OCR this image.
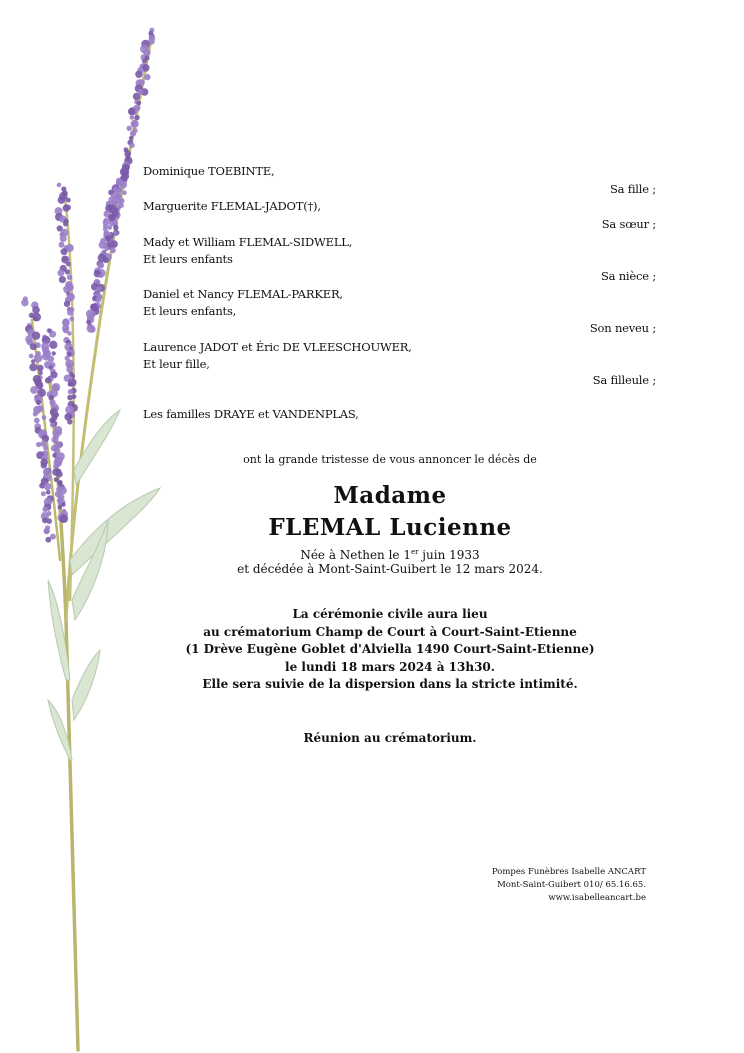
Dominique TOEBINTE,
Sa fille ;
Marguerite FLEMAL-JADOT(†),
Sa sœur ;
Mady et William FLEMAL-SIDWELL,
Et leurs enfants
Sa nièce ;
Daniel et Nancy FLEMAL-PARKER,
Et leurs enfants,
Son neveu ;
Laurence JADOT et Éric DE VLEESCHOUWER,
Et leur fille,
Sa filleule ;
Les familles DRAYE et VANDENPLAS,
ont la grande tristesse de vous annoncer le décès de
Madame
FLEMAL Lucienne
Née à Nethen le 1er juin 1933
et décédée à Mont-Saint-Guibert le 12 mars 2024.
La cérémonie civile aura lieu
au crématorium Champ de Court à Court-Saint-Etienne
(1 Drève Eugène Goblet d'Alviella 1490 Court-Saint-Etienne)
le lundi 18 mars 2024 à 13h30.
Elle sera suivie de la dispersion dans la stricte intimité.
Réunion au crématorium.
Pompes Funèbres Isabelle ANCART
Mont-Saint-Guibert 010/ 65.16.65.
www.isabelleancart.be
